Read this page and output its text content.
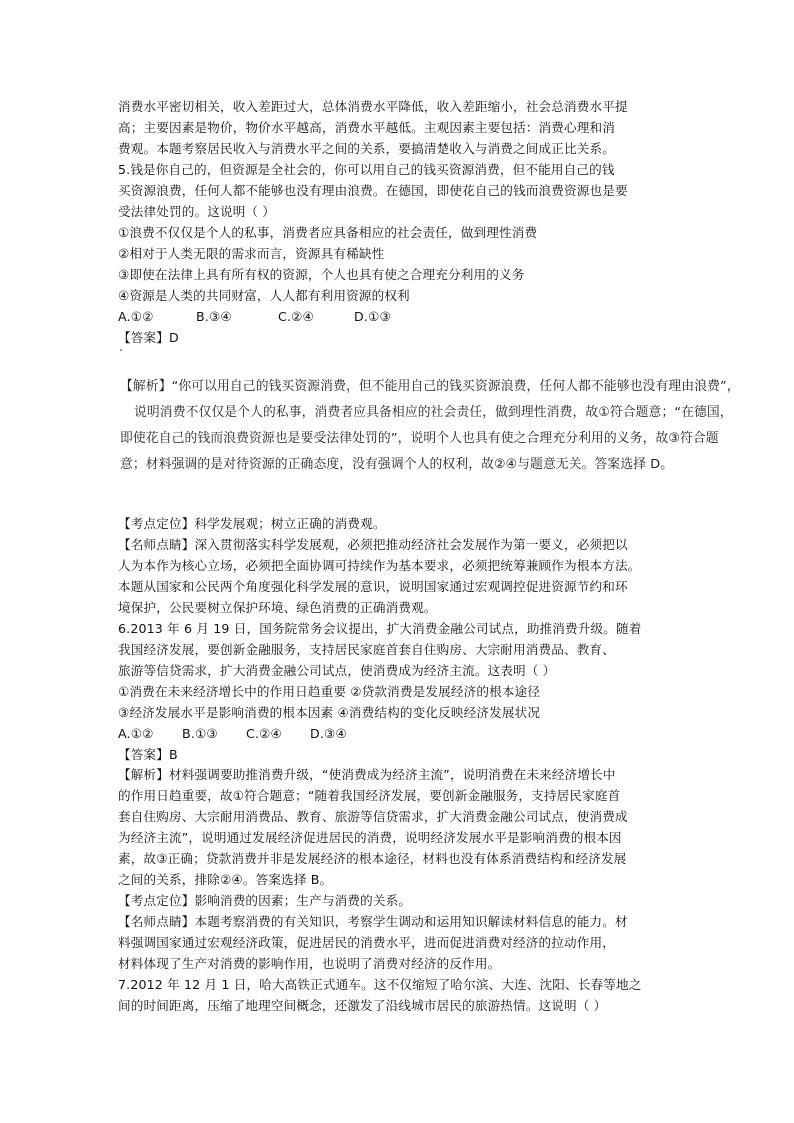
消费水平密切相关，收入差距过大，总体消费水平降低，收入差距缩小，社会总消费水平提
高；主要因素是物价，物价水平越高，消费水平越低。主观因素主要包括：消费心理和消
费观。本题考察居民收入与消费水平之间的关系，要搞清楚收入与消费之间成正比关系。
5.钱是你自己的，但资源是全社会的，你可以用自己的钱买资源消费，但不能用自己的钱
买资源浪费，任何人都不能够也没有理由浪费。在德国，即使花自己的钱而浪费资源也是要
受法律处罚的。这说明（ ）
①浪费不仅仅是个人的私事，消费者应具备相应的社会责任，做到理性消费
②相对于人类无限的需求而言，资源具有稀缺性
③即使在法律上具有所有权的资源，个人也具有使之合理充分利用的义务
④资源是人类的共同财富，人人都有利用资源的权利
A.①②	B.③④	C.②④	D.①③
【答案】D
【解析】“你可以用自己的钱买资源消费，但不能用自己的钱买资源浪费，任何人都不能够也没有理由浪费”，
说明消费不仅仅是个人的私事，消费者应具备相应的社会责任，做到理性消费，故①符合题意；“在德国，
即使花自己的钱而浪费资源也是要受法律处罚的”，说明个人也具有使之合理充分利用的义务，故③符合题
意；材料强调的是对待资源的正确态度，没有强调个人的权利，故②④与题意无关。答案选择 D。
【考点定位】科学发展观；树立正确的消费观。
【名师点睛】深入贯彻落实科学发展观，必须把推动经济社会发展作为第一要义，必须把以
人为本作为核心立场，必须把全面协调可持续作为基本要求，必须把统筹兼顾作为根本方法。
本题从国家和公民两个角度强化科学发展的意识，说明国家通过宏观调控促进资源节约和环
境保护，公民要树立保护环境、绿色消费的正确消费观。
6.2013 年 6 月 19 日，国务院常务会议提出，扩大消费金融公司试点，助推消费升级。随着
我国经济发展，要创新金融服务，支持居民家庭首套自住购房、大宗耐用消费品、教育、
旅游等信贷需求，扩大消费金融公司试点，使消费成为经济主流。这表明（ ）
①消费在未来经济增长中的作用日趋重要 ②贷款消费是发展经济的根本途径
③经济发展水平是影响消费的根本因素 ④消费结构的变化反映经济发展状况
A.①② B.①③ C.②④ D.③④
【答案】B
【解析】材料强调要助推消费升级，“使消费成为经济主流”，说明消费在未来经济增长中
的作用日趋重要，故①符合题意；“随着我国经济发展，要创新金融服务，支持居民家庭首
套自住购房、大宗耐用消费品、教育、旅游等信贷需求，扩大消费金融公司试点，使消费成
为经济主流”，说明通过发展经济促进居民的消费，说明经济发展水平是影响消费的根本因
素，故③正确；贷款消费并非是发展经济的根本途径，材料也没有体系消费结构和经济发展
之间的关系，排除②④。答案选择 B。
【考点定位】影响消费的因素；生产与消费的关系。
【名师点睛】本题考察消费的有关知识，考察学生调动和运用知识解读材料信息的能力。材
料强调国家通过宏观经济政策，促进居民的消费水平，进而促进消费对经济的拉动作用，
材料体现了生产对消费的影响作用，也说明了消费对经济的反作用。
7.2012 年 12 月 1 日，哈大高铁正式通车。这不仅缩短了哈尔滨、大连、沈阳、长春等地之
间的时间距离，压缩了地理空间概念，还激发了沿线城市居民的旅游热情。这说明（ ）
